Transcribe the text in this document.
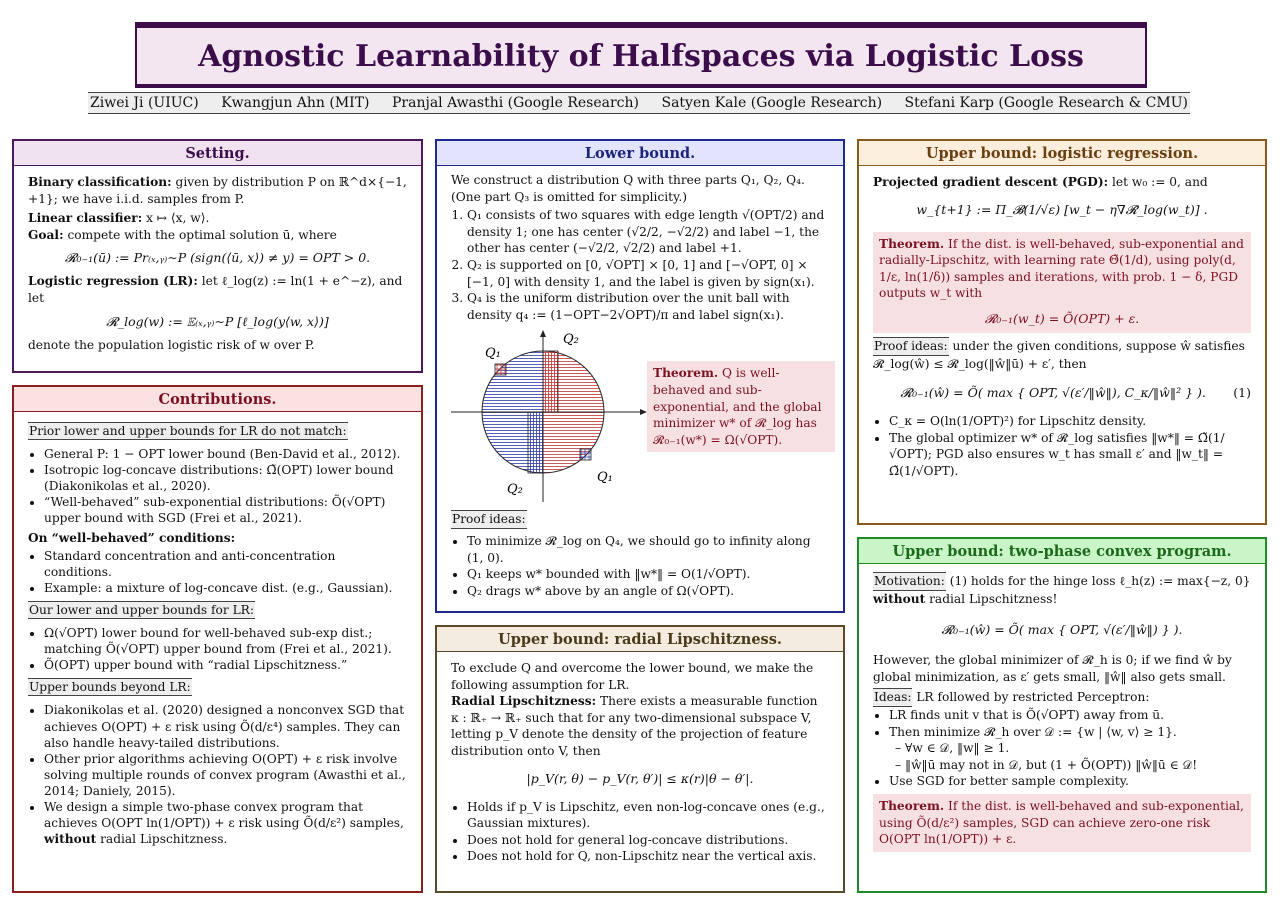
Agnostic Learnability of Halfspaces via Logistic Loss
Ziwei Ji (UIUC) Kwangjun Ahn (MIT) Pranjal Awasthi (Google Research) Satyen Kale (Google Research) Stefani Karp (Google Research & CMU)
Setting.

Binary classification: given by distribution P on ℝ^d×{−1, +1}; we have i.i.d. samples from P.

Linear classifier: x ↦ ⟨x, w⟩.

Goal: compete with the optimal solution ū, where

𝓡₀₋₁(ū) := Pr₍ₓ,ᵧ₎∼P (sign(⟨ū, x⟩) ≠ y) = OPT > 0.

Logistic regression (LR): let ℓ_log(z) := ln(1 + e^−z), and let

𝓡_log(w) := 𝔼₍ₓ,ᵧ₎∼P [ℓ_log(y⟨w, x⟩)]

denote the population logistic risk of w over P.

Contributions.
Prior lower and upper bounds for LR do not match:
• General P: 1 − OPT lower bound (Ben-David et al., 2012).
• Isotropic log-concave distributions: Ω̃(OPT) lower bound (Diakonikolas et al., 2020).
• “Well-behaved” sub-exponential distributions: Õ(√OPT) upper bound with SGD (Frei et al., 2021).

On “well-behaved” conditions:

• Standard concentration and anti-concentration conditions.
• Example: a mixture of log-concave dist. (e.g., Gaussian).
Our lower and upper bounds for LR:
• Ω(√OPT) lower bound for well-behaved sub-exp dist.; matching Õ(√OPT) upper bound from (Frei et al., 2021).
• Õ(OPT) upper bound with “radial Lipschitzness.”
Upper bounds beyond LR:
• Diakonikolas et al. (2020) designed a nonconvex SGD that achieves O(OPT) + ε risk using Õ(d/ε⁴) samples. They can also handle heavy-tailed distributions.
• Other prior algorithms achieving O(OPT) + ε risk involve solving multiple rounds of convex program (Awasthi et al., 2014; Daniely, 2015).
• We design a simple two-phase convex program that achieves O(OPT ln(1/OPT)) + ε risk using Õ(d/ε²) samples, without radial Lipschitzness.
Lower bound.

We construct a distribution Q with three parts Q₁, Q₂, Q₄. (One part Q₃ is omitted for simplicity.)

1. Q₁ consists of two squares with edge length √(OPT/2) and density 1; one has center (√2/2, −√2/2) and label −1, the other has center (−√2/2, √2/2) and label +1.
2. Q₂ is supported on [0, √OPT] × [0, 1] and [−√OPT, 0] × [−1, 0] with density 1, and the label is given by sign(x₁).
3. Q₄ is the uniform distribution over the unit ball with density q₄ := (1−OPT−2√OPT)/π and label sign(x₁).
Q₁
Q₂
Q₂
Q₁
Theorem. Q is well-behaved and sub-exponential, and the global minimizer w* of 𝓡_log has 𝓡₀₋₁(w*) = Ω(√OPT).
Proof ideas:
• To minimize 𝓡_log on Q₄, we should go to infinity along (1, 0).
• Q₁ keeps w* bounded with ‖w*‖ = O(1/√OPT).
• Q₂ drags w* above by an angle of Ω(√OPT).
Upper bound: radial Lipschitzness.

To exclude Q and overcome the lower bound, we make the following assumption for LR.

Radial Lipschitzness: There exists a measurable function κ : ℝ₊ → ℝ₊ such that for any two-dimensional subspace V, letting p_V denote the density of the projection of feature distribution onto V, then

|p_V(r, θ) − p_V(r, θ′)| ≤ κ(r)|θ − θ′|.
• Holds if p_V is Lipschitz, even non-log-concave ones (e.g., Gaussian mixtures).
• Does not hold for general log-concave distributions.
• Does not hold for Q, non-Lipschitz near the vertical axis.
Upper bound: logistic regression.

Projected gradient descent (PGD): let w₀ := 0, and

w_{t+1} := Π_𝓑(1/√ε) [w_t − η∇𝓡̂_log(w_t)] .
Theorem. If the dist. is well-behaved, sub-exponential and radially-Lipschitz, with learning rate Θ̃(1/d), using poly(d, 1/ε, ln(1/δ)) samples and iterations, with prob. 1 − δ, PGD outputs w_t with
𝓡₀₋₁(w_t) = Õ(OPT) + ε.

Proof ideas: under the given conditions, suppose ŵ satisfies 𝓡_log(ŵ) ≤ 𝓡_log(‖ŵ‖ū) + ε′, then

𝓡₀₋₁(ŵ) = Õ( max { OPT, √(ε′/‖ŵ‖), C_κ/‖ŵ‖² } ). (1)
• C_κ = O(ln(1/OPT)²) for Lipschitz density.
• The global optimizer w* of 𝓡_log satisfies ‖w*‖ = Ω̃(1/√OPT); PGD also ensures w_t has small ε′ and ‖w_t‖ = Ω̃(1/√OPT).
Upper bound: two-phase convex program.

Motivation: (1) holds for the hinge loss ℓ_h(z) := max{−z, 0} without radial Lipschitzness!

𝓡₀₋₁(ŵ) = Õ( max { OPT, √(ε′/‖ŵ‖) } ).

However, the global minimizer of 𝓡_h is 0; if we find ŵ by global minimization, as ε′ gets small, ‖ŵ‖ also gets small.

Ideas: LR followed by restricted Perceptron:

• LR finds unit v that is Õ(√OPT) away from ū.
• Then minimize 𝓡_h over 𝒟 := {w | ⟨w, v⟩ ≥ 1}.
– ∀w ∈ 𝒟, ‖w‖ ≥ 1.
– ‖ŵ‖ū may not in 𝒟, but (1 + Õ(OPT)) ‖ŵ‖ū ∈ 𝒟!
• Use SGD for better sample complexity.
Theorem. If the dist. is well-behaved and sub-exponential, using Õ(d/ε²) samples, SGD can achieve zero-one risk O(OPT ln(1/OPT)) + ε.
